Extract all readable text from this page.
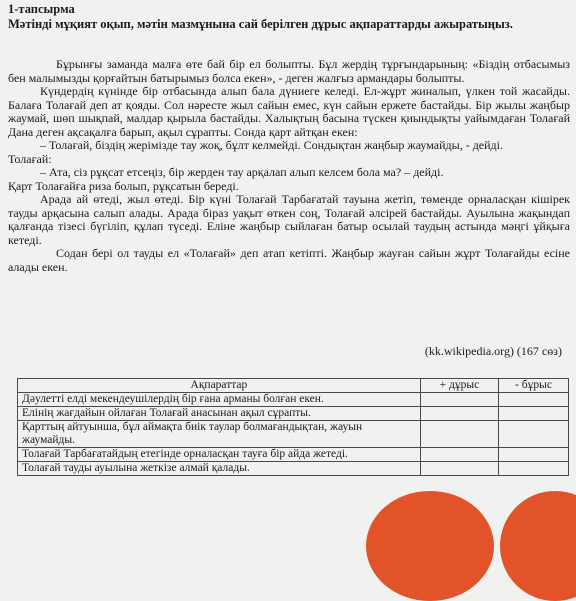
1-тапсырма
Мәтінді мұқият оқып, мәтін мазмұнына сай берілген дұрыс ақпараттарды ажыратыңыз.

Бұрынғы заманда малға өте бай бір ел болыпты. Бұл жердің тұрғындарының: «Біздің отбасымыз бен малымызды қорғайтын батырымыз болса екен», - деген жалғыз армандары болыпты.

Күндердің күнінде бір отбасында алып бала дүниеге келеді. Ел-жұрт жиналып, үлкен той жасайды. Балаға Толағай деп ат қояды. Сол нәресте жыл сайын емес, күн сайын ержете бастайды. Бір жылы жаңбыр жаумай, шөп шықпай, малдар қырыла бастайды. Халықтың басына түскен қиындықты уайымдаған Толағай Дана деген ақсақалға барып, ақыл сұрапты. Сонда қарт айтқан екен:

– Толағай, біздің жерімізде тау жоқ, бұлт келмейді. Сондықтан жаңбыр жаумайды, - дейді.

Толағай:

– Ата, сіз рұқсат етсеңіз, бір жерден тау арқалап алып келсем бола ма? – дейді.

Қарт Толағайға риза болып, рұқсатын береді.

Арада ай өтеді, жыл өтеді. Бір күні Толағай Тарбағатай тауына жетіп, төменде орналасқан кішірек тауды арқасына салып алады. Арада біраз уақыт өткен соң, Толағай әлсірей бастайды. Ауылына жақындап қалғанда тізесі бүгіліп, құлап түседі. Еліне жаңбыр сыйлаған батыр осылай таудың астында мәңгі ұйқыға кетеді.

Содан бері ол тауды ел «Толағай» деп атап кетіпті. Жаңбыр жауған сайын жұрт Толағайды есіне алады екен.

(kk.wikipedia.org) (167 сөз)
Ақпараттар	+ дұрыс	- бұрыс
Дәулетті елді мекендеушілердің бір ғана арманы болған екен.		
Елінің жағдайын ойлаған Толағай анасынан ақыл сұрапты.		
Қарттың айтуынша, бұл аймақта биік таулар болмағандықтан, жауын жаумайды.		
Толағай Тарбағатайдың етегінде орналасқан тауға бір айда жетеді.		
Толағай тауды ауылына жеткізе алмай қалады.		
